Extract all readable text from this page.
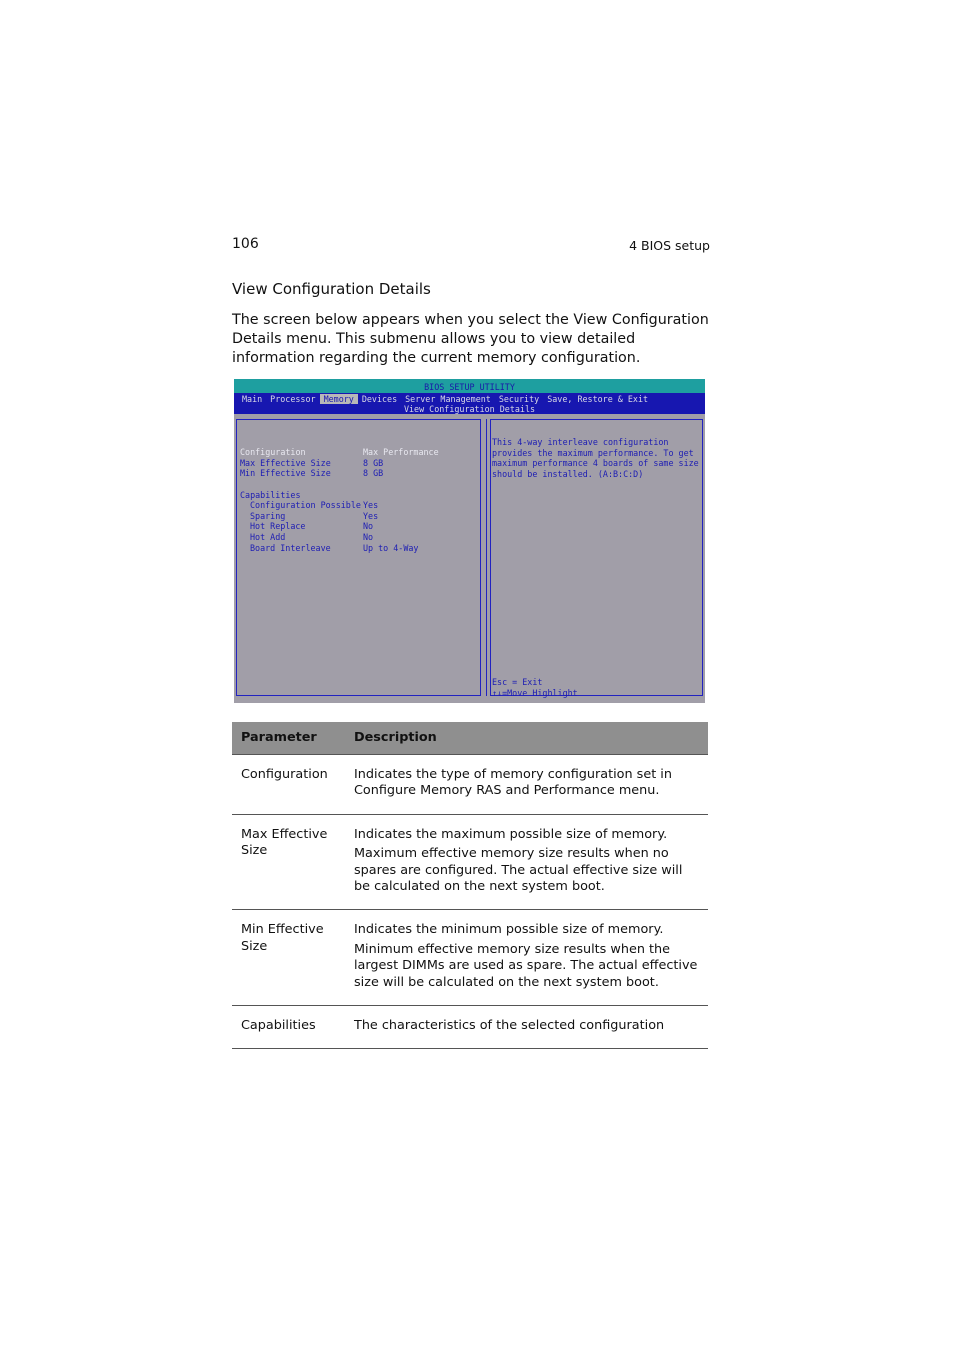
106	4 BIOS setup
View Configuration Details

The screen below appears when you select the View Configuration Details menu. This submenu allows you to view detailed information regarding the current memory configuration.

BIOS SETUP UTILITY
Main Processor Memory Devices Server Management Security Save, Restore & Exit
View Configuration Details
Configuration	Max Performance
Max Effective Size	8 GB
Min Effective Size	8 GB
Capabilities
Configuration Possible Yes
Sparing	Yes
Hot Replace	No
Hot Add	No
Board Interleave	Up to 4-Way
This 4-way interleave configuration
provides the maximum performance. To get
maximum performance 4 boards of same size
should be installed. (A:B:C:D)
Esc = Exit
↑↓=Move Highlight
Parameter	Description
Configuration	Indicates the type of memory configuration set in Configure Memory RAS and Performance menu.

Max Effective Size	Indicates the maximum possible size of memory.

Maximum effective memory size results when no spares are configured. The actual effective size will be calculated on the next system boot.

Min Effective Size	Indicates the minimum possible size of memory.

Minimum effective memory size results when the largest DIMMs are used as spare. The actual effective size will be calculated on the next system boot.

Capabilities	The characteristics of the selected configuration
